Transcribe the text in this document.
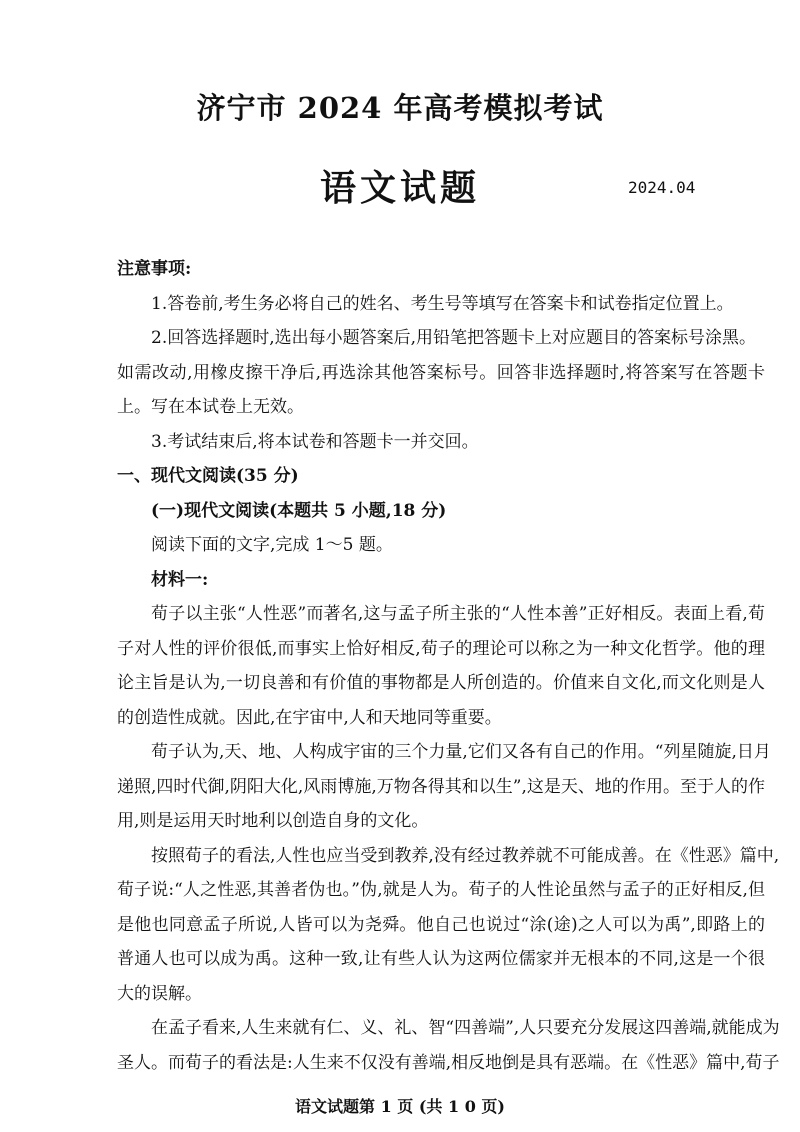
济宁市 2024 年高考模拟考试
语文试题	2024.04
注意事项:
1.答卷前,考生务必将自己的姓名、考生号等填写在答案卡和试卷指定位置上。
2.回答选择题时,选出每小题答案后,用铅笔把答题卡上对应题目的答案标号涂黑。
如需改动,用橡皮擦干净后,再选涂其他答案标号。回答非选择题时,将答案写在答题卡
上。写在本试卷上无效。
3.考试结束后,将本试卷和答题卡一并交回。
一、现代文阅读(35 分)
(一)现代文阅读(本题共 5 小题,18 分)
阅读下面的文字,完成 1～5 题。
材料一:
荀子以主张“人性恶”而著名,这与孟子所主张的“人性本善”正好相反。表面上看,荀
子对人性的评价很低,而事实上恰好相反,荀子的理论可以称之为一种文化哲学。他的理
论主旨是认为,一切良善和有价值的事物都是人所创造的。价值来自文化,而文化则是人
的创造性成就。因此,在宇宙中,人和天地同等重要。
荀子认为,天、地、人构成宇宙的三个力量,它们又各有自己的作用。“列星随旋,日月
递照,四时代御,阴阳大化,风雨博施,万物各得其和以生”,这是天、地的作用。至于人的作
用,则是运用天时地利以创造自身的文化。
按照荀子的看法,人性也应当受到教养,没有经过教养就不可能成善。在《性恶》篇中,
荀子说:“人之性恶,其善者伪也。”伪,就是人为。荀子的人性论虽然与孟子的正好相反,但
是他也同意孟子所说,人皆可以为尧舜。他自己也说过“涂(途)之人可以为禹”,即路上的
普通人也可以成为禹。这种一致,让有些人认为这两位儒家并无根本的不同,这是一个很
大的误解。
在孟子看来,人生来就有仁、义、礼、智“四善端”,人只要充分发展这四善端,就能成为
圣人。而荀子的看法是:人生来不仅没有善端,相反地倒是具有恶端。在《性恶》篇中,荀子
语文试题第 1 页 (共 1 0 页)
